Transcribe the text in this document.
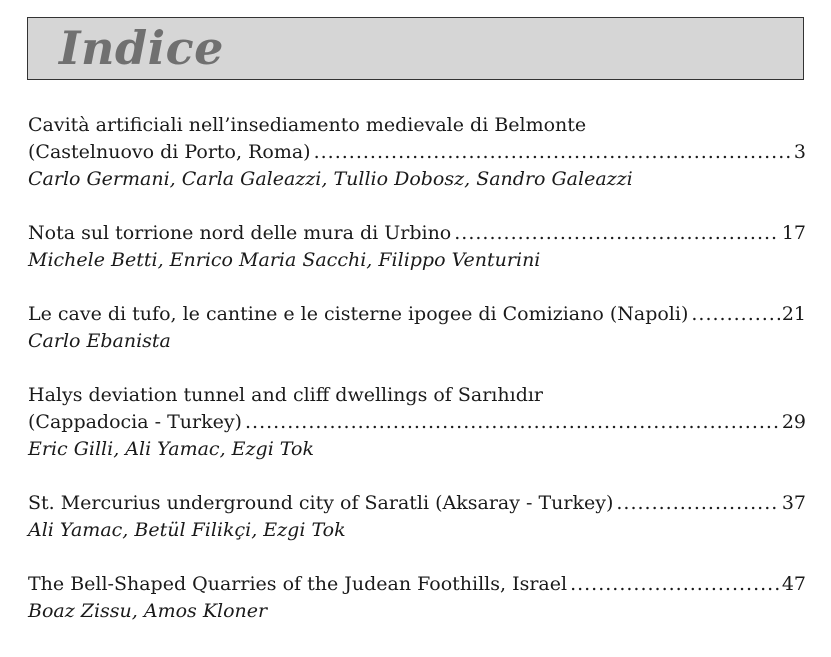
Indice
Cavità artificiali nell’insediamento medievale di Belmonte
(Castelnuovo di Porto, Roma) .....	3
Carlo Germani, Carla Galeazzi, Tullio Dobosz, Sandro Galeazzi
Nota sul torrione nord delle mura di Urbino .....	17
Michele Betti, Enrico Maria Sacchi, Filippo Venturini
Le cave di tufo, le cantine e le cisterne ipogee di Comiziano (Napoli) .....	21
Carlo Ebanista
Halys deviation tunnel and cliff dwellings of Sarıhıdır
(Cappadocia - Turkey) .....	29
Eric Gilli, Ali Yamac, Ezgi Tok
St. Mercurius underground city of Saratli (Aksaray - Turkey) .....	37
Ali Yamac, Betül Filikçi, Ezgi Tok
The Bell-Shaped Quarries of the Judean Foothills, Israel .....	47
Boaz Zissu, Amos Kloner
